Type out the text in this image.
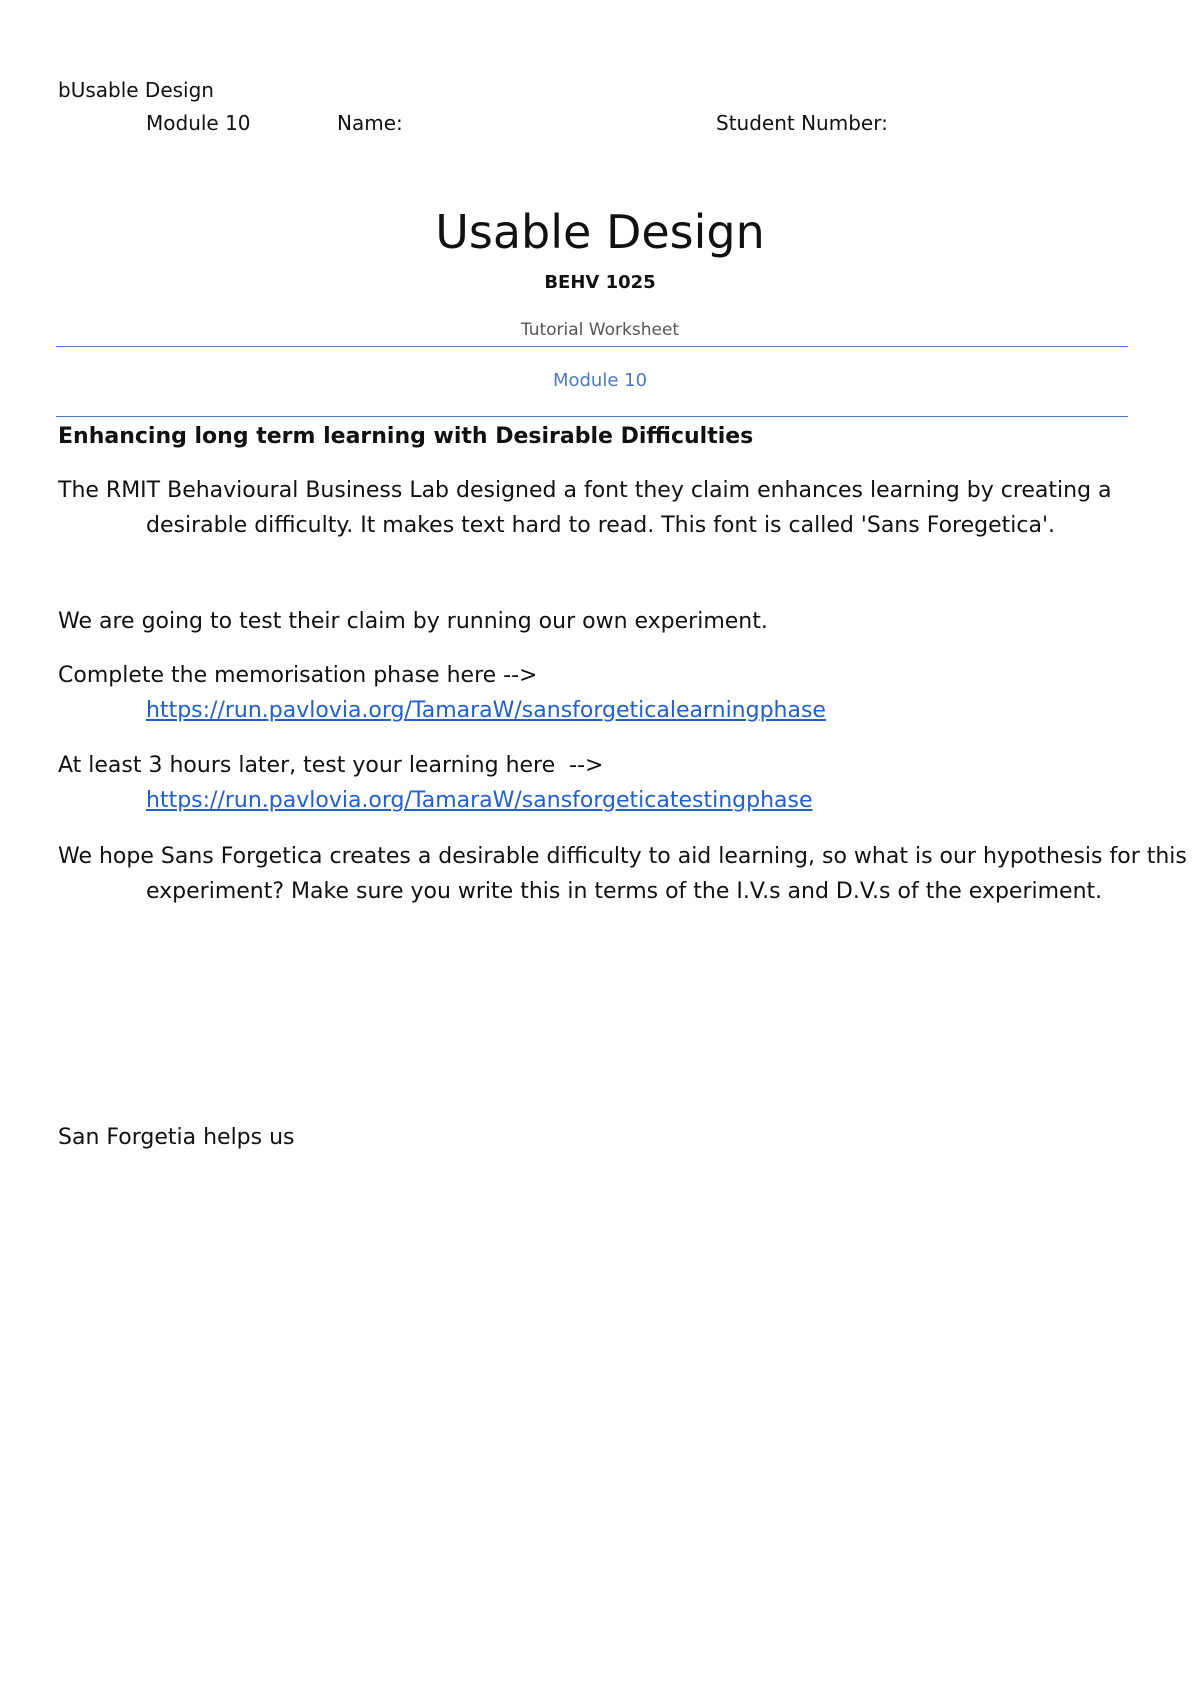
bUsable Design
Module 10	Name:	Student Number:
Usable Design
BEHV 1025
Tutorial Worksheet
Module 10
Enhancing long term learning with Desirable Difficulties
The RMIT Behavioural Business Lab designed a font they claim enhances learning by creating a desirable difficulty. It makes text hard to read. This font is called 'Sans Foregetica'.
We are going to test their claim by running our own experiment.
Complete the memorisation phase here -->
https://run.pavlovia.org/TamaraW/sansforgeticalearningphase
At least 3 hours later, test your learning here  -->
https://run.pavlovia.org/TamaraW/sansforgeticatestingphase
We hope Sans Forgetica creates a desirable difficulty to aid learning, so what is our hypothesis for this experiment? Make sure you write this in terms of the I.V.s and D.V.s of the experiment.
San Forgetia helps us
